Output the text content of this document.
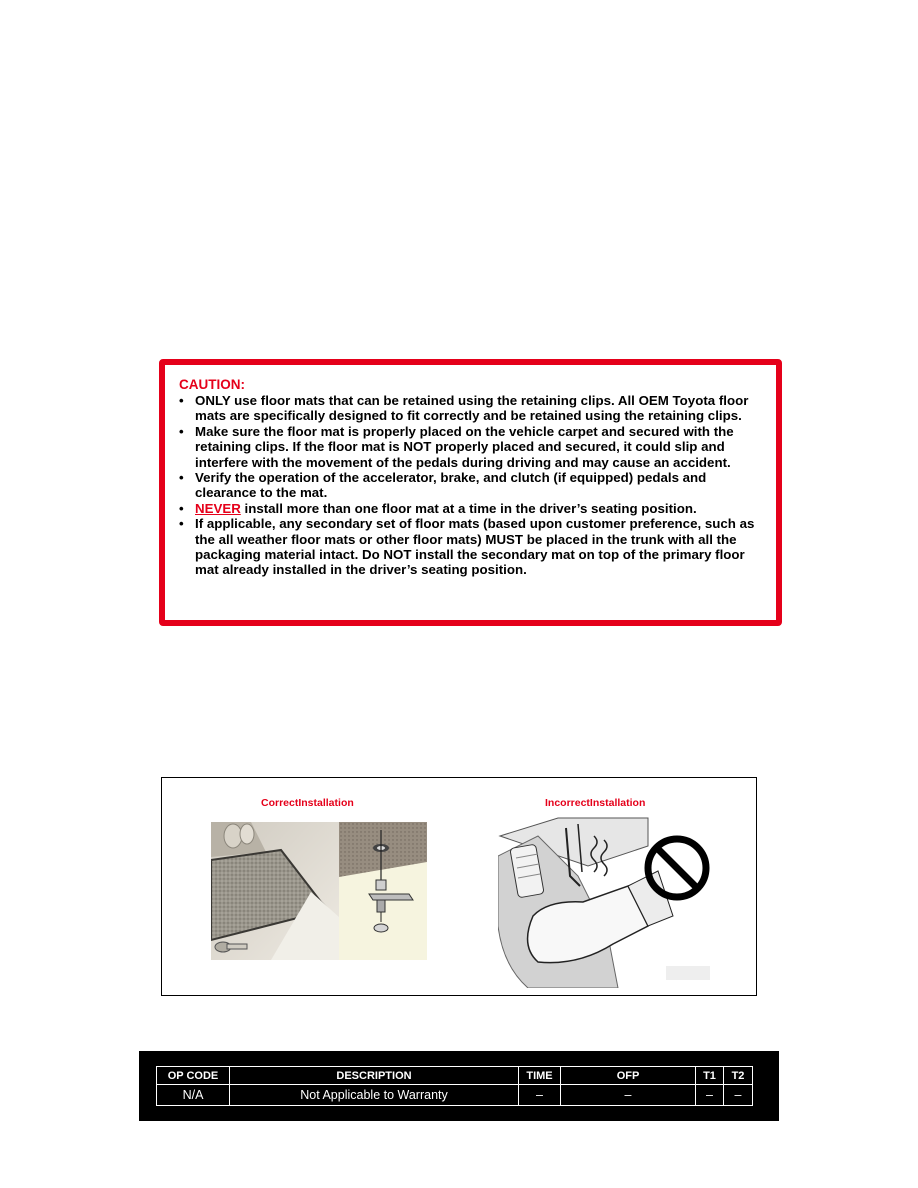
CAUTION:
• ONLY use floor mats that can be retained using the retaining clips. All OEM Toyota floor mats are specifically designed to fit correctly and be retained using the retaining clips.
• Make sure the floor mat is properly placed on the vehicle carpet and secured with the retaining clips. If the floor mat is NOT properly placed and secured, it could slip and interfere with the movement of the pedals during driving and may cause an accident.
• Verify the operation of the accelerator, brake, and clutch (if equipped) pedals and clearance to the mat.
• NEVER install more than one floor mat at a time in the driver’s seating position.
• If applicable, any secondary set of floor mats (based upon customer preference, such as the all weather floor mats or other floor mats) MUST be placed in the trunk with all the packaging material intact. Do NOT install the secondary mat on top of the primary floor mat already installed in the driver’s seating position.
CorrectInstallation	IncorrectInstallation
OP CODE	DESCRIPTION	TIME	OFP	T1	T2
N/A	Not Applicable to Warranty	–	–	–	–
